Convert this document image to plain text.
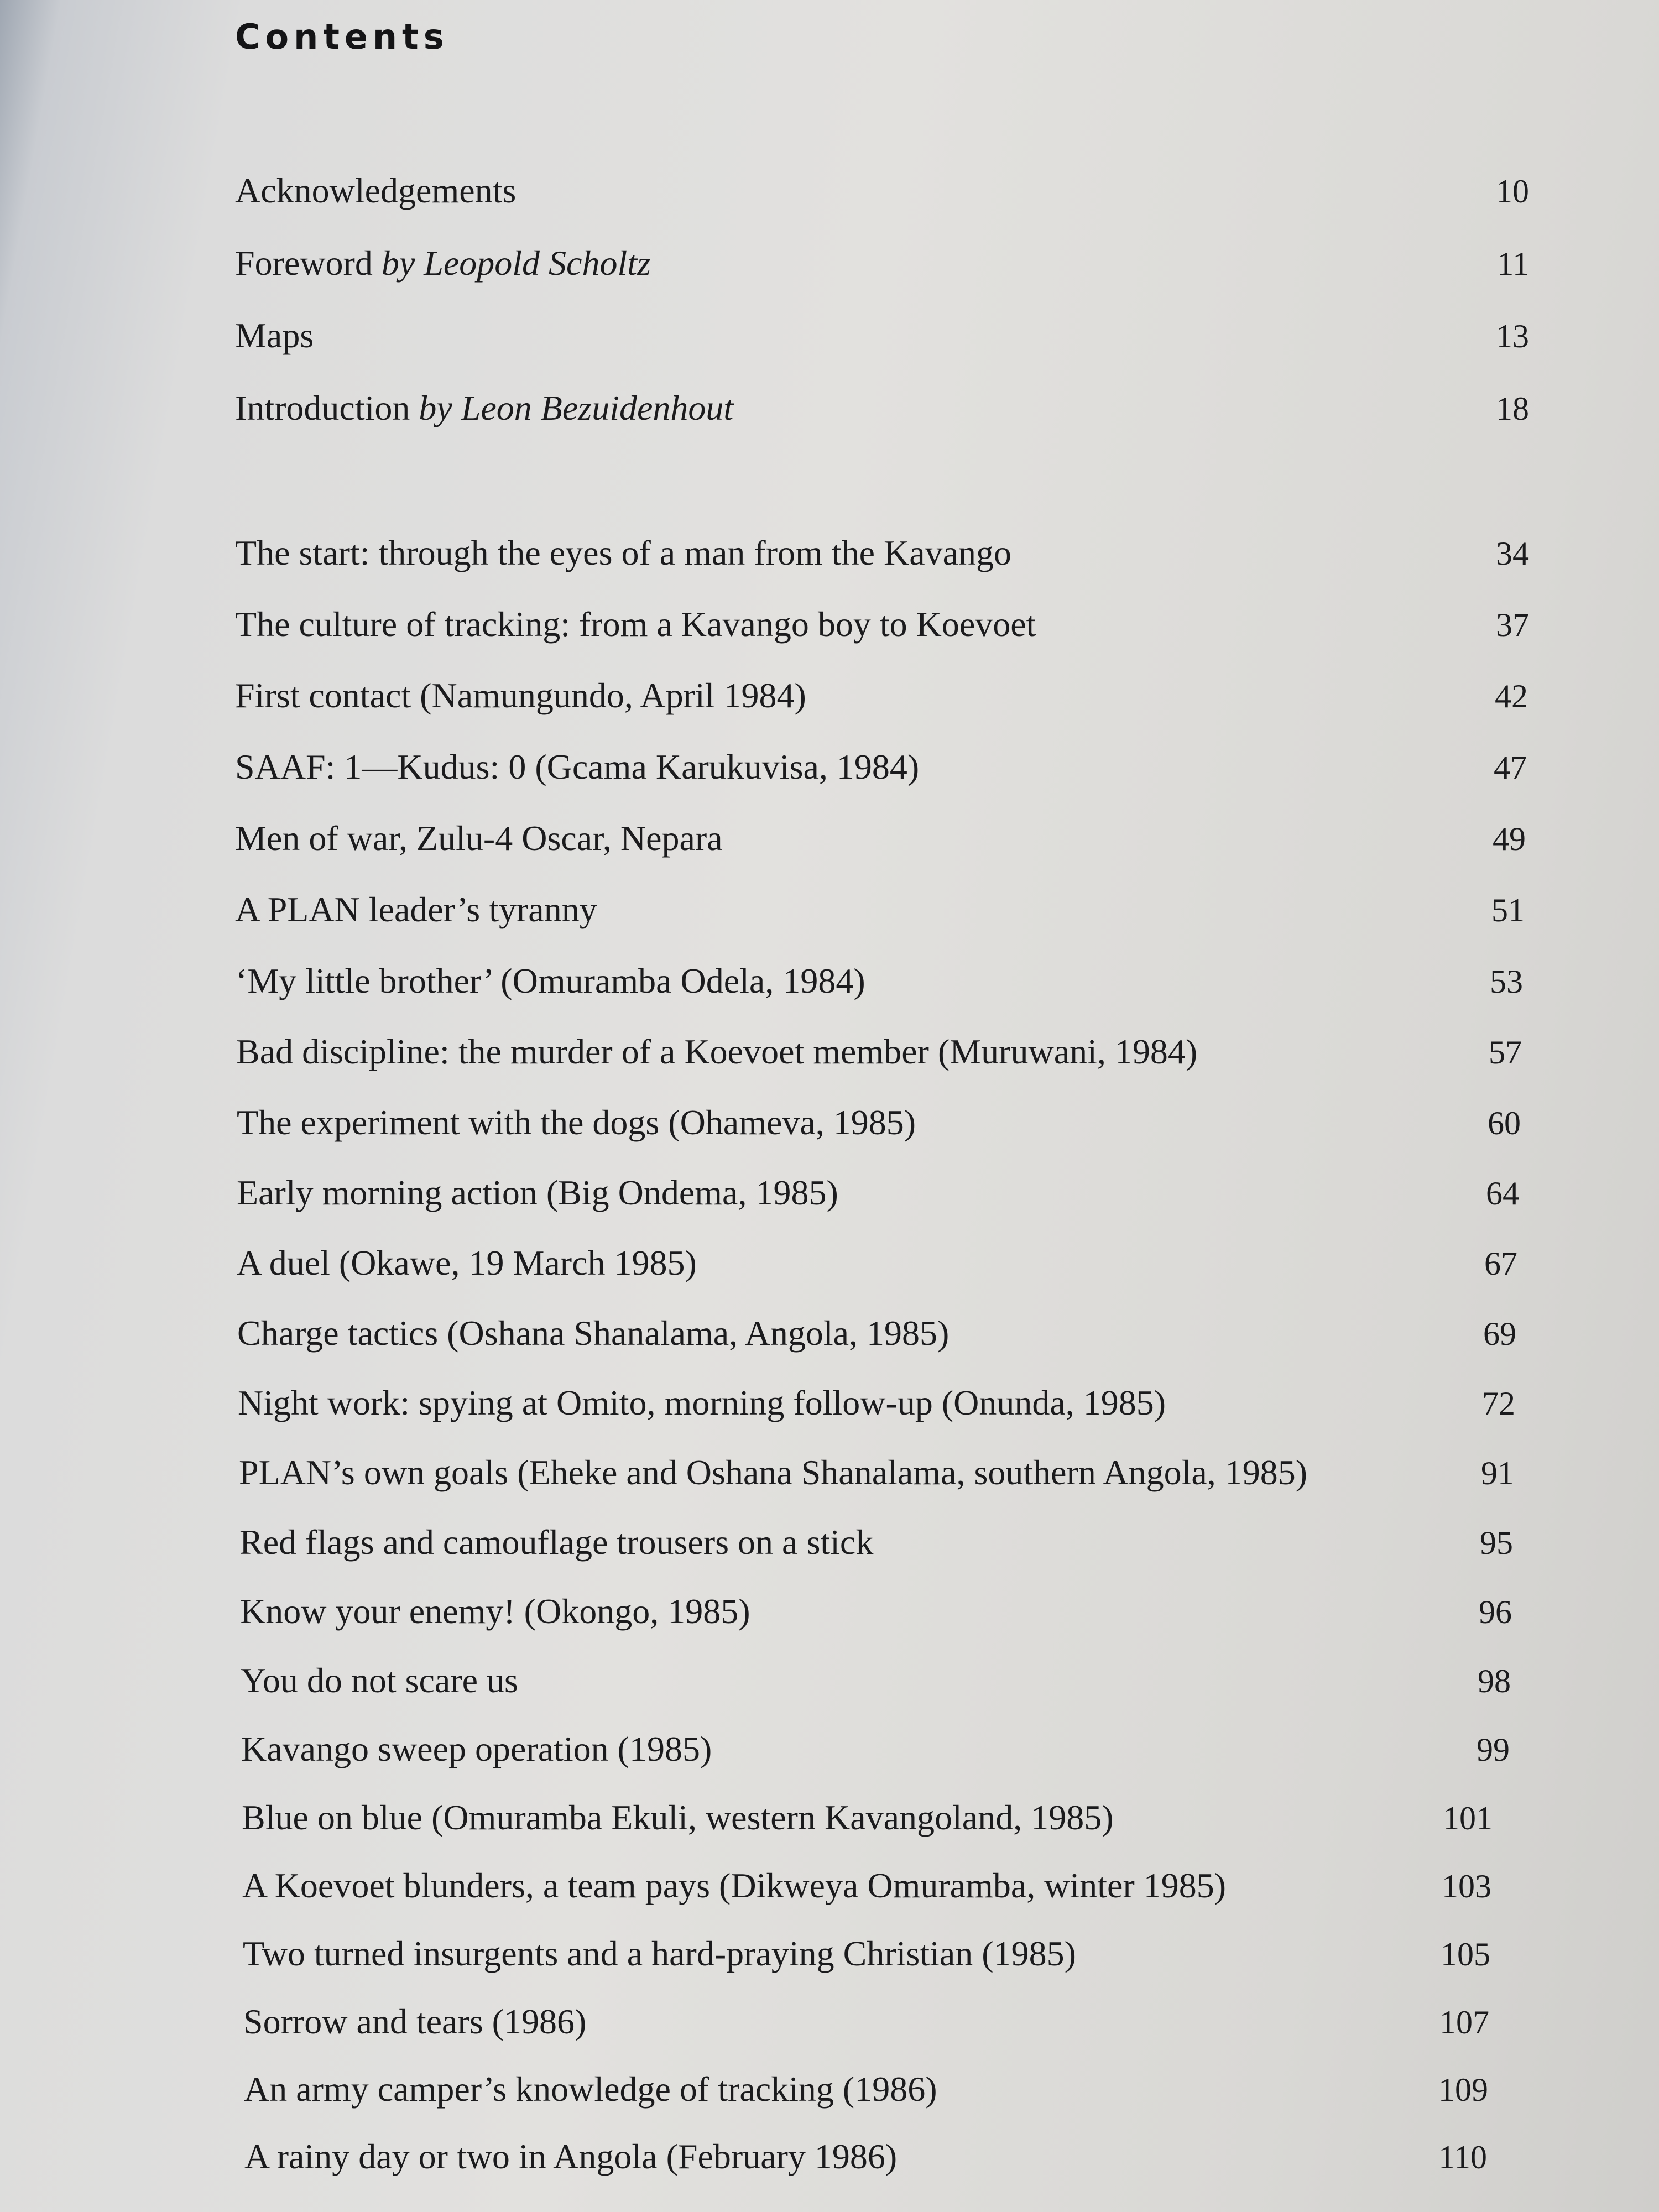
Contents
Acknowledgements	10
Foreword by Leopold Scholtz	11
Maps	13
Introduction by Leon Bezuidenhout	18
The start: through the eyes of a man from the Kavango	34
The culture of tracking: from a Kavango boy to Koevoet	37
First contact (Namungundo, April 1984)	42
SAAF: 1—Kudus: 0 (Gcama Karukuvisa, 1984)	47
Men of war, Zulu-4 Oscar, Nepara	49
A PLAN leader’s tyranny	51
‘My little brother’ (Omuramba Odela, 1984)	53
Bad discipline: the murder of a Koevoet member (Muruwani, 1984)	57
The experiment with the dogs (Ohameva, 1985)	60
Early morning action (Big Ondema, 1985)	64
A duel (Okawe, 19 March 1985)	67
Charge tactics (Oshana Shanalama, Angola, 1985)	69
Night work: spying at Omito, morning follow-up (Onunda, 1985)	72
PLAN’s own goals (Eheke and Oshana Shanalama, southern Angola, 1985)	91
Red flags and camouflage trousers on a stick	95
Know your enemy! (Okongo, 1985)	96
You do not scare us	98
Kavango sweep operation (1985)	99
Blue on blue (Omuramba Ekuli, western Kavangoland, 1985)	101
A Koevoet blunders, a team pays (Dikweya Omuramba, winter 1985)	103
Two turned insurgents and a hard-praying Christian (1985)	105
Sorrow and tears (1986)	107
An army camper’s knowledge of tracking (1986)	109
A rainy day or two in Angola (February 1986)	110
